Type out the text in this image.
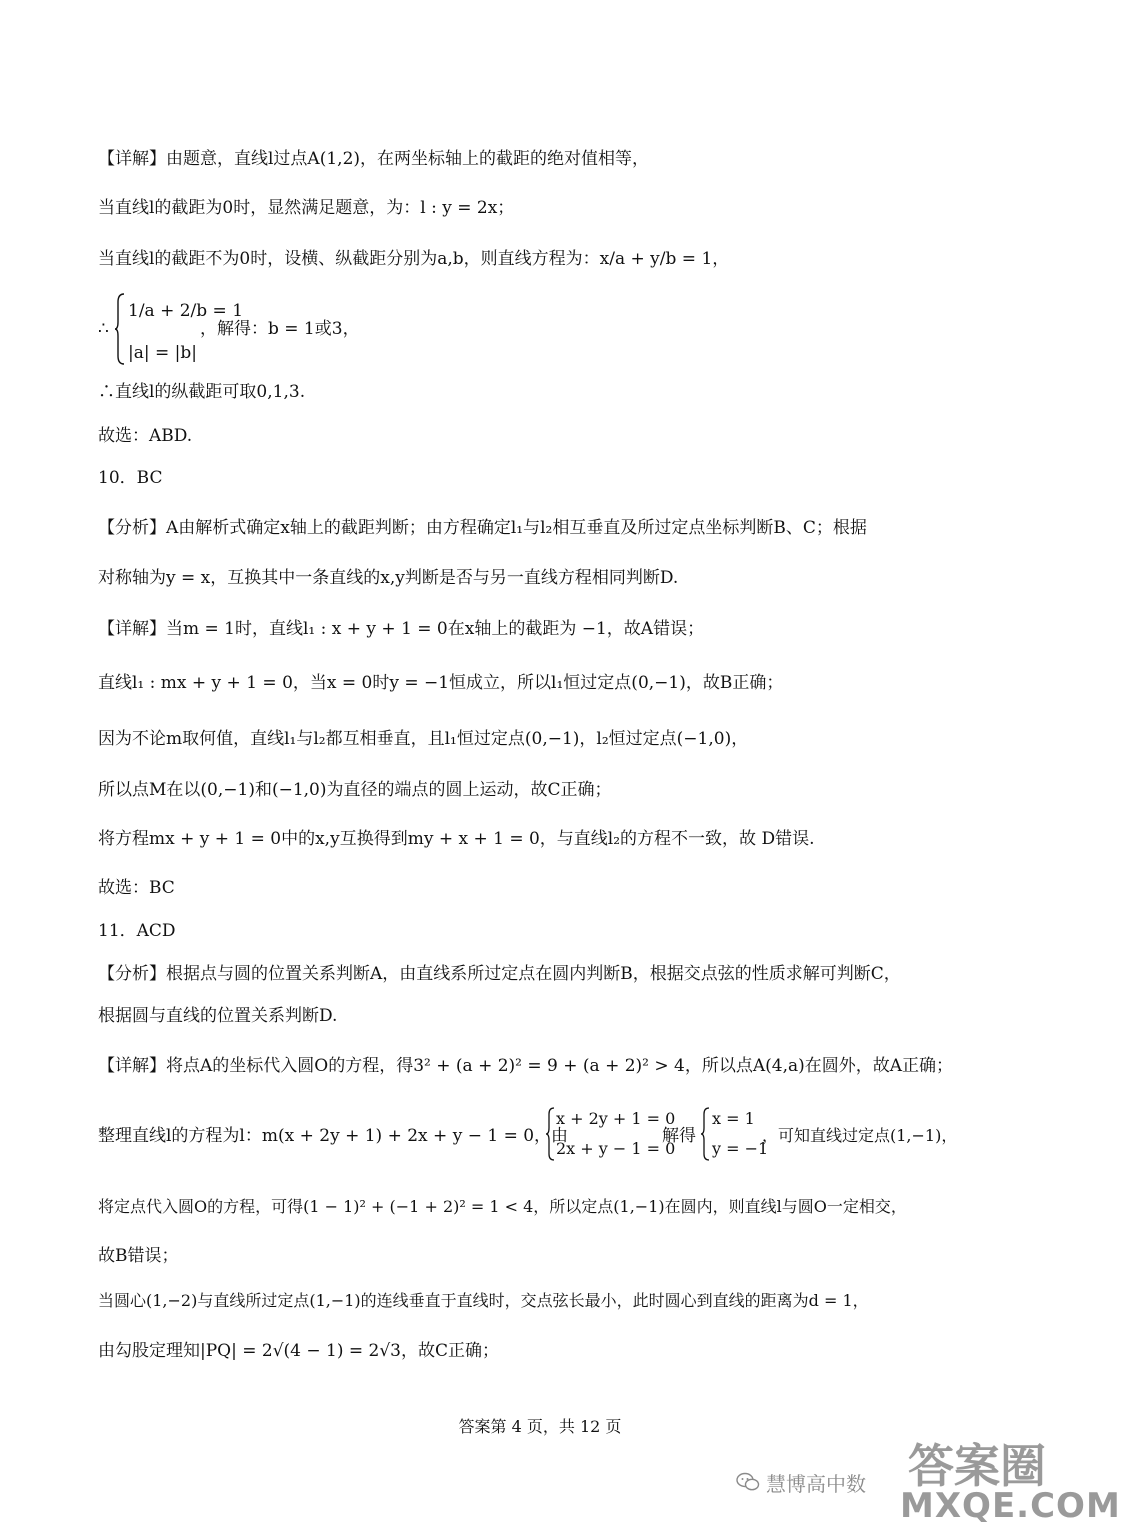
【详解】由题意，直线l过点A(1,2)，在两坐标轴上的截距的绝对值相等，
当直线l的截距为0时，显然满足题意，为：l : y = 2x；
当直线l的截距不为0时，设横、纵截距分别为a,b，则直线方程为：x/a + y/b = 1，
∴
1/a + 2/b = 1
|a| = |b|
，解得：b = 1或3，
∴直线l的纵截距可取0,1,3.
故选：ABD.
10．BC
【分析】A由解析式确定x轴上的截距判断；由方程确定l₁与l₂相互垂直及所过定点坐标判断B、C；根据
对称轴为y = x，互换其中一条直线的x,y判断是否与另一直线方程相同判断D.
【详解】当m = 1时，直线l₁ : x + y + 1 = 0在x轴上的截距为 −1，故A错误；
直线l₁ : mx + y + 1 = 0，当x = 0时y = −1恒成立，所以l₁恒过定点(0,−1)，故B正确；
因为不论m取何值，直线l₁与l₂都互相垂直，且l₁恒过定点(0,−1)，l₂恒过定点(−1,0)，
所以点M在以(0,−1)和(−1,0)为直径的端点的圆上运动，故C正确；
将方程mx + y + 1 = 0中的x,y互换得到my + x + 1 = 0，与直线l₂的方程不一致，故 D错误.
故选：BC
11．ACD
【分析】根据点与圆的位置关系判断A，由直线系所过定点在圆内判断B，根据交点弦的性质求解可判断C，
根据圆与直线的位置关系判断D.
【详解】将点A的坐标代入圆O的方程，得3² + (a + 2)² = 9 + (a + 2)² > 4，所以点A(4,a)在圆外，故A正确；
整理直线l的方程为l：m(x + 2y + 1) + 2x + y − 1 = 0，由
x + 2y + 1 = 0
2x + y − 1 = 0
解得
x = 1
y = −1
，可知直线过定点(1,−1)，
将定点代入圆O的方程，可得(1 − 1)² + (−1 + 2)² = 1 < 4，所以定点(1,−1)在圆内，则直线l与圆O一定相交，
故B错误；
当圆心(1,−2)与直线所过定点(1,−1)的连线垂直于直线时，交点弦长最小，此时圆心到直线的距离为d = 1，
由勾股定理知|PQ| = 2√(4 − 1) = 2√3，故C正确；
答案第 4 页，共 12 页
慧博高中数 答案圈
MXQE.COM
